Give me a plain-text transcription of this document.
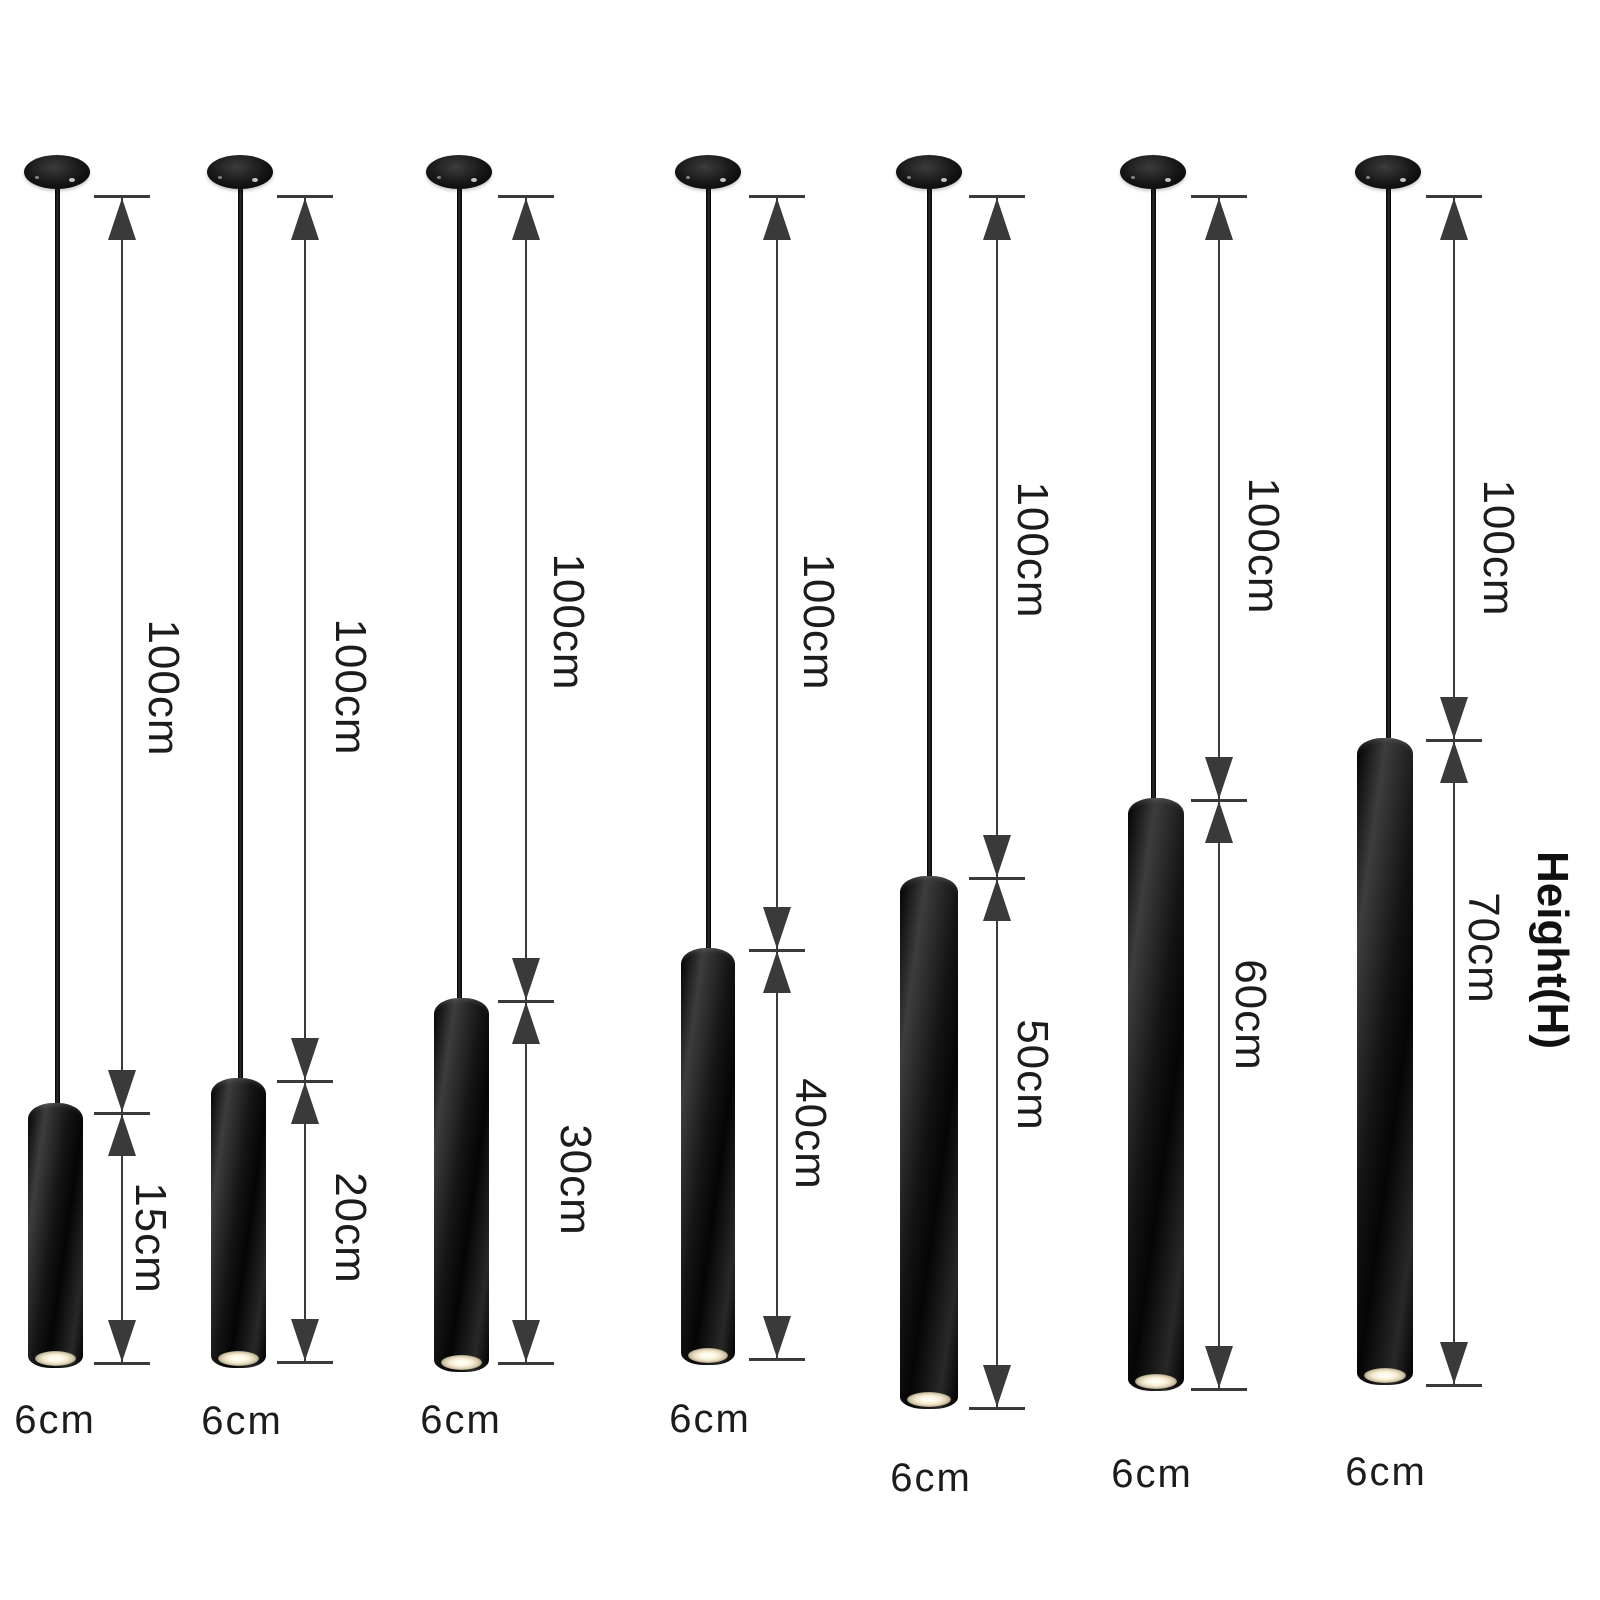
Height(H)
100cm
15cm
6cm
100cm
20cm
6cm
100cm
30cm
6cm
100cm
40cm
6cm
100cm
50cm
6cm
100cm
60cm
6cm
100cm
70cm
6cm
